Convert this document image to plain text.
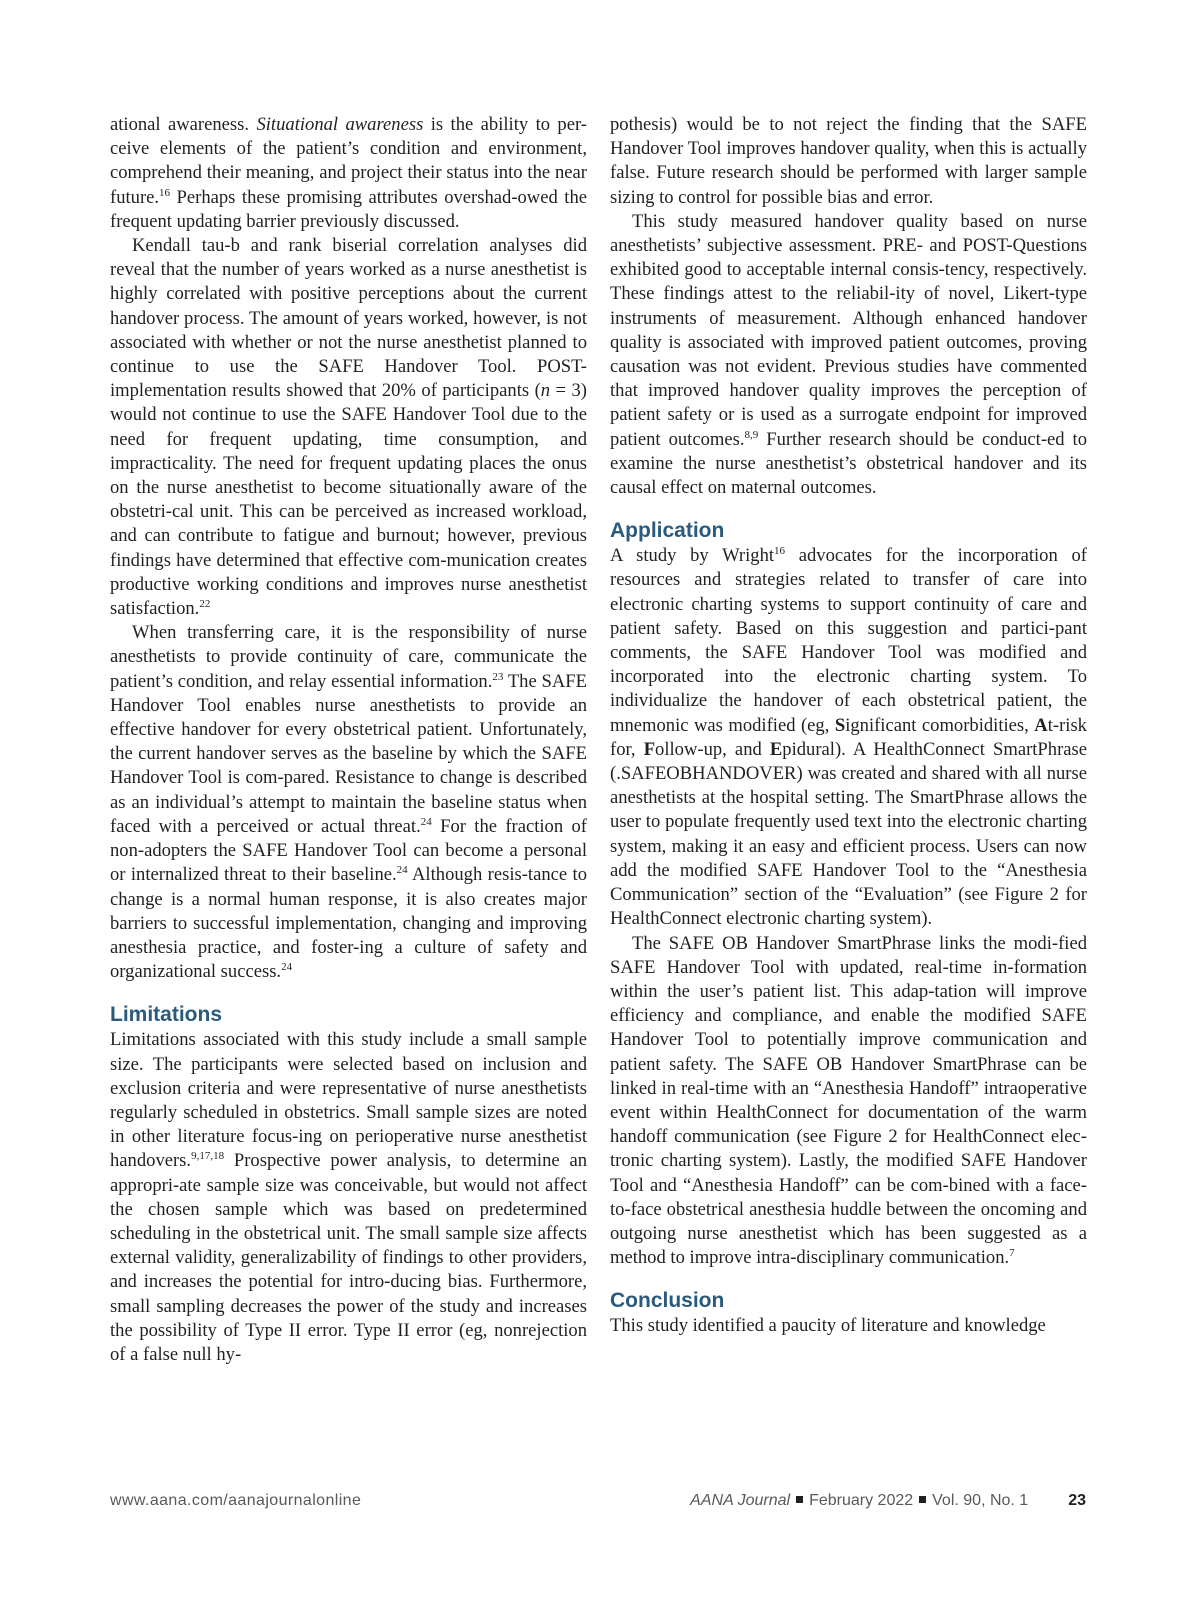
ational awareness. Situational awareness is the ability to per-ceive elements of the patient’s condition and environment, comprehend their meaning, and project their status into the near future.$^{16}$ Perhaps these promising attributes overshad-owed the frequent updating barrier previously discussed.

Kendall tau-b and rank biserial correlation analyses did reveal that the number of years worked as a nurse anesthetist is highly correlated with positive perceptions about the current handover process. The amount of years worked, however, is not associated with whether or not the nurse anesthetist planned to continue to use the SAFE Handover Tool. POST-implementation results showed that 20% of participants (n = 3) would not continue to use the SAFE Handover Tool due to the need for frequent updating, time consumption, and impracticality. The need for frequent updating places the onus on the nurse anesthetist to become situationally aware of the obstetri-cal unit. This can be perceived as increased workload, and can contribute to fatigue and burnout; however, previous findings have determined that effective com-munication creates productive working conditions and improves nurse anesthetist satisfaction.$^{22}$

When transferring care, it is the responsibility of nurse anesthetists to provide continuity of care, communicate the patient’s condition, and relay essential information.$^{23}$ The SAFE Handover Tool enables nurse anesthetists to provide an effective handover for every obstetrical patient. Unfortunately, the current handover serves as the baseline by which the SAFE Handover Tool is com-pared. Resistance to change is described as an individual’s attempt to maintain the baseline status when faced with a perceived or actual threat.$^{24}$ For the fraction of non-adopters the SAFE Handover Tool can become a personal or internalized threat to their baseline.$^{24}$ Although resis-tance to change is a normal human response, it is also creates major barriers to successful implementation, changing and improving anesthesia practice, and foster-ing a culture of safety and organizational success.$^{24}$

Limitations

Limitations associated with this study include a small sample size. The participants were selected based on inclusion and exclusion criteria and were representative of nurse anesthetists regularly scheduled in obstetrics. Small sample sizes are noted in other literature focus-ing on perioperative nurse anesthetist handovers.$^{9,17,18}$ Prospective power analysis, to determine an appropri-ate sample size was conceivable, but would not affect the chosen sample which was based on predetermined scheduling in the obstetrical unit. The small sample size affects external validity, generalizability of findings to other providers, and increases the potential for intro-ducing bias. Furthermore, small sampling decreases the power of the study and increases the possibility of Type II error. Type II error (eg, nonrejection of a false null hy-

pothesis) would be to not reject the finding that the SAFE Handover Tool improves handover quality, when this is actually false. Future research should be performed with larger sample sizing to control for possible bias and error.

This study measured handover quality based on nurse anesthetists’ subjective assessment. PRE- and POST-Questions exhibited good to acceptable internal consis-tency, respectively. These findings attest to the reliabil-ity of novel, Likert-type instruments of measurement. Although enhanced handover quality is associated with improved patient outcomes, proving causation was not evident. Previous studies have commented that improved handover quality improves the perception of patient safety or is used as a surrogate endpoint for improved patient outcomes.$^{8,9}$ Further research should be conduct-ed to examine the nurse anesthetist’s obstetrical handover and its causal effect on maternal outcomes.

Application

A study by Wright$^{16}$ advocates for the incorporation of resources and strategies related to transfer of care into electronic charting systems to support continuity of care and patient safety. Based on this suggestion and partici-pant comments, the SAFE Handover Tool was modified and incorporated into the electronic charting system. To individualize the handover of each obstetrical patient, the mnemonic was modified (eg, Significant comorbidities, At-risk for, Follow-up, and Epidural). A HealthConnect SmartPhrase (.SAFEOBHANDOVER) was created and shared with all nurse anesthetists at the hospital setting. The SmartPhrase allows the user to populate frequently used text into the electronic charting system, making it an easy and efficient process. Users can now add the modified SAFE Handover Tool to the “Anesthesia Communication” section of the “Evaluation” (see Figure 2 for HealthConnect electronic charting system).

The SAFE OB Handover SmartPhrase links the modi-fied SAFE Handover Tool with updated, real-time in-formation within the user’s patient list. This adap-tation will improve efficiency and compliance, and enable the modified SAFE Handover Tool to potentially improve communication and patient safety. The SAFE OB Handover SmartPhrase can be linked in real-time with an “Anesthesia Handoff” intraoperative event within HealthConnect for documentation of the warm handoff communication (see Figure 2 for HealthConnect elec-tronic charting system). Lastly, the modified SAFE Handover Tool and “Anesthesia Handoff” can be com-bined with a face-to-face obstetrical anesthesia huddle between the oncoming and outgoing nurse anesthetist which has been suggested as a method to improve intra-disciplinary communication.$^7$

Conclusion

This study identified a paucity of literature and knowledge

www.aana.com/aanajournalonline	AANA Journal February 2022 Vol. 90, No. 1	23
